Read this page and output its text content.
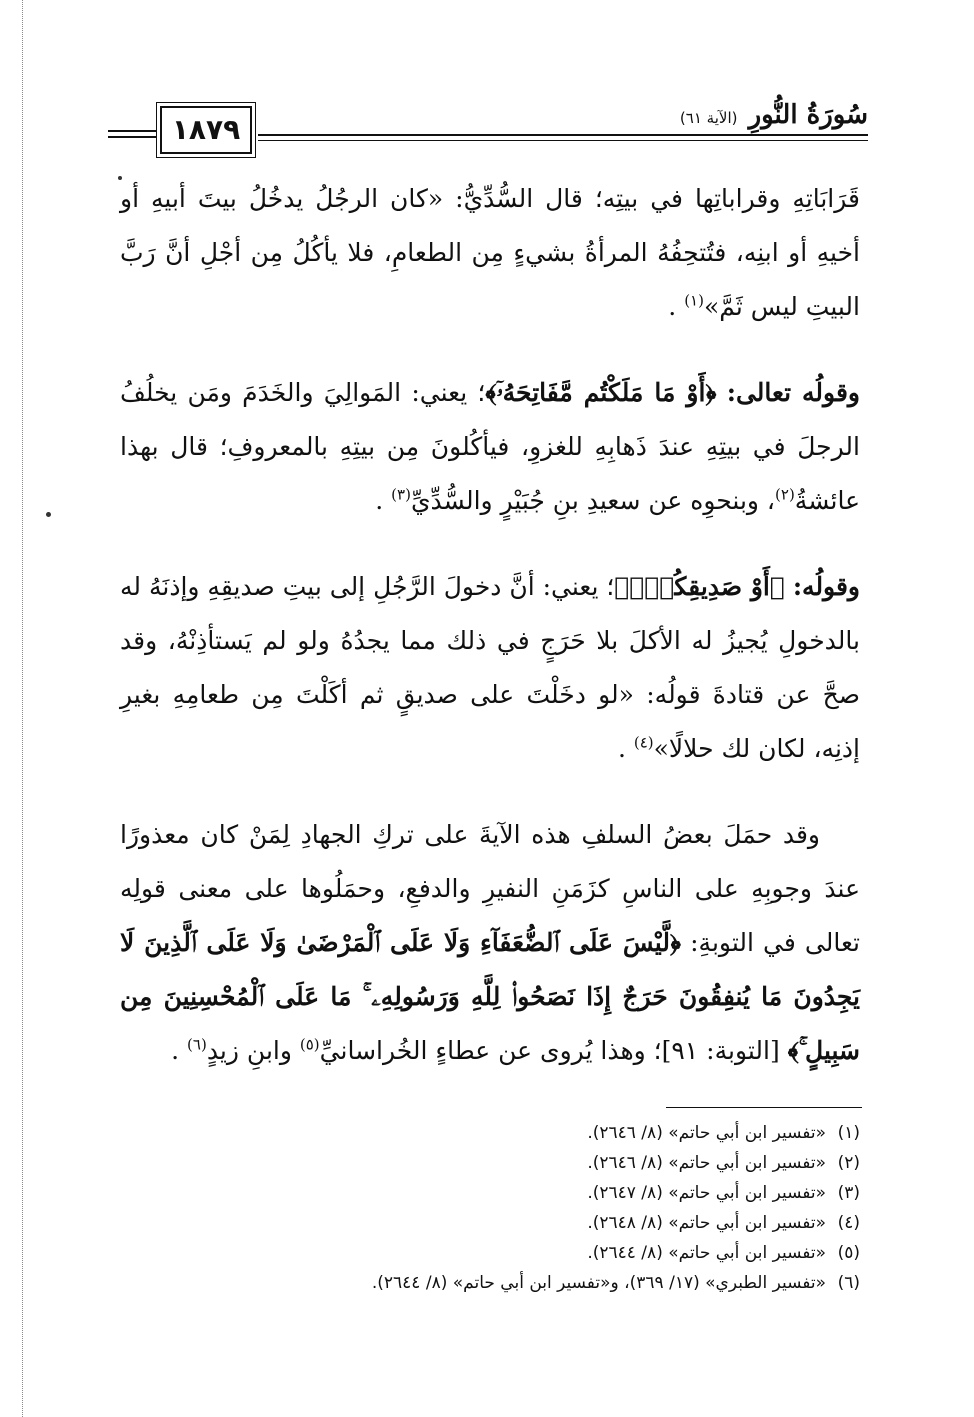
١٨٧٩	سُورَةُ النُّورِ (الآية ٦١)

قَرَابَاتِهِ وقراباتِها في بيتِه؛ قال السُّدِّيُّ: «كان الرجُلُ يدخُلُ بيتَ أبيهِ أو أخيهِ أو ابنِه، فتُتحِفُهُ المرأةُ بشيءٍ مِن الطعامِ، فلا يأكُلُ مِن أجْلِ أنَّ رَبَّ البيتِ ليس ثَمَّ»$^{(١)}$ .

وقولُه تعالى: ﴿أَوْ مَا مَلَكْتُم مَّفَاتِحَهُۥٓ﴾؛ يعني: المَوالِيَ والخَدَمَ ومَن يخلُفُ الرجلَ في بيتِهِ عندَ ذَهابِهِ للغزوِ، فيأكُلونَ مِن بيتِهِ بالمعروفِ؛ قال بهذا عائشةُ$^{(٢)}$، وبنحوِه عن سعيدِ بنِ جُبَيْرٍ والسُّدِّيِّ$^{(٣)}$ .

وقولُه: ﴿أَوْ صَدِيقِكُمْۚ﴾؛ يعني: أنَّ دخولَ الرَّجُلِ إلى بيتِ صديقِهِ وإذنَهُ له بالدخولِ يُجيزُ له الأكلَ بلا حَرَجٍ في ذلك مما يجدُهُ ولو لم يَستأذِنْهُ، وقد صحَّ عن قتادةَ قولُه: «لو دخَلْتَ على صديقٍ ثم أكَلْتَ مِن طعامِهِ بغيرِ إذنِه، لكان لك حلالًا»$^{(٤)}$ .

وقد حمَلَ بعضُ السلفِ هذه الآيةَ على تركِ الجهادِ لِمَنْ كان معذورًا عندَ وجوبِهِ على الناسِ كزَمَنِ النفيرِ والدفعِ، وحمَلُوها على معنى قولِه تعالى في التوبةِ: ﴿لَّيْسَ عَلَى ٱلضُّعَفَآءِ وَلَا عَلَى ٱلْمَرْضَىٰ وَلَا عَلَى ٱلَّذِينَ لَا يَجِدُونَ مَا يُنفِقُونَ حَرَجٌ إِذَا نَصَحُوا۟ لِلَّهِ وَرَسُولِهِۦ ۚ مَا عَلَى ٱلْمُحْسِنِينَ مِن سَبِيلٍ ۚ﴾ [التوبة: ٩١]؛ وهذا يُروى عن عطاءٍ الخُراسانيِّ$^{(٥)}$ وابنِ زيدٍ$^{(٦)}$ .

(١)«تفسير ابن أبي حاتم» (٨/ ٢٦٤٦).
(٢)«تفسير ابن أبي حاتم» (٨/ ٢٦٤٦).
(٣)«تفسير ابن أبي حاتم» (٨/ ٢٦٤٧).
(٤)«تفسير ابن أبي حاتم» (٨/ ٢٦٤٨).
(٥)«تفسير ابن أبي حاتم» (٨/ ٢٦٤٤).
(٦)«تفسير الطبري» (١٧/ ٣٦٩)، و«تفسير ابن أبي حاتم» (٨/ ٢٦٤٤).
